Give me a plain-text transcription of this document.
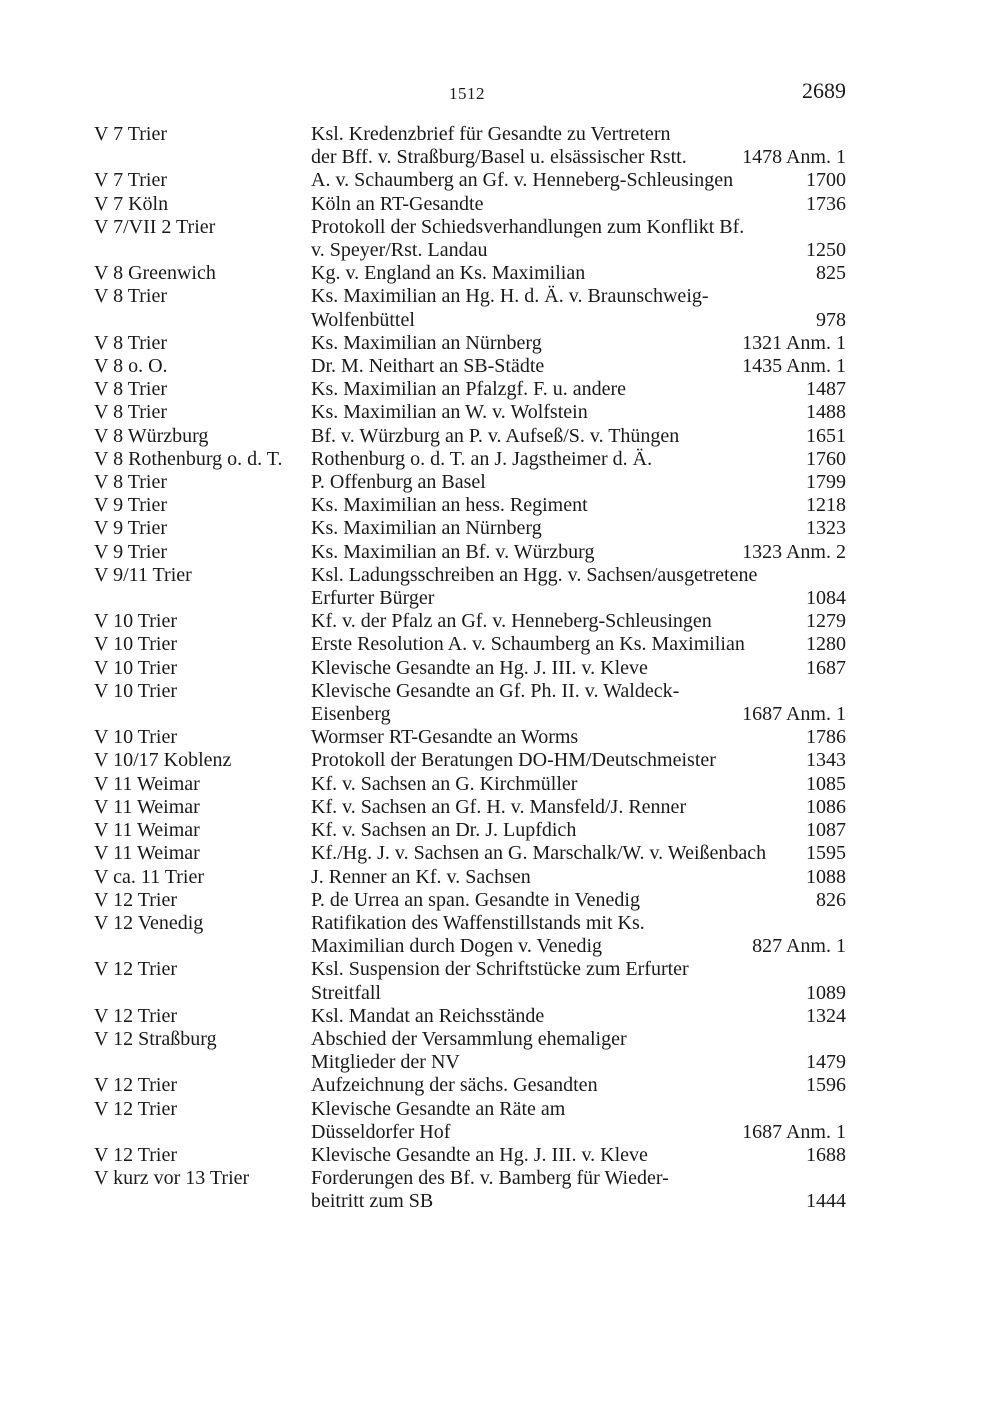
1512	2689
V 7 Trier	Ksl. Kredenzbrief für Gesandte zu Vertretern
der Bff. v. Straßburg/Basel u. elsässischer Rstt.	1478 Anm. 1
V 7 Trier	A. v. Schaumberg an Gf. v. Henneberg-Schleusingen	1700
V 7 Köln	Köln an RT-Gesandte	1736
V 7/VII 2 Trier	Protokoll der Schiedsverhandlungen zum Konflikt Bf.
v. Speyer/Rst. Landau	1250
V 8 Greenwich	Kg. v. England an Ks. Maximilian	825
V 8 Trier	Ks. Maximilian an Hg. H. d. Ä. v. Braunschweig-
Wolfenbüttel	978
V 8 Trier	Ks. Maximilian an Nürnberg	1321 Anm. 1
V 8 o. O.	Dr. M. Neithart an SB-Städte	1435 Anm. 1
V 8 Trier	Ks. Maximilian an Pfalzgf. F. u. andere	1487
V 8 Trier	Ks. Maximilian an W. v. Wolfstein	1488
V 8 Würzburg	Bf. v. Würzburg an P. v. Aufseß/S. v. Thüngen	1651
V 8 Rothenburg o. d. T.	Rothenburg o. d. T. an J. Jagstheimer d. Ä.	1760
V 8 Trier	P. Offenburg an Basel	1799
V 9 Trier	Ks. Maximilian an hess. Regiment	1218
V 9 Trier	Ks. Maximilian an Nürnberg	1323
V 9 Trier	Ks. Maximilian an Bf. v. Würzburg	1323 Anm. 2
V 9/11 Trier	Ksl. Ladungsschreiben an Hgg. v. Sachsen/ausgetretene
Erfurter Bürger	1084
V 10 Trier	Kf. v. der Pfalz an Gf. v. Henneberg-Schleusingen	1279
V 10 Trier	Erste Resolution A. v. Schaumberg an Ks. Maximilian	1280
V 10 Trier	Klevische Gesandte an Hg. J. III. v. Kleve	1687
V 10 Trier	Klevische Gesandte an Gf. Ph. II. v. Waldeck-
Eisenberg	1687 Anm. 1
V 10 Trier	Wormser RT-Gesandte an Worms	1786
V 10/17 Koblenz	Protokoll der Beratungen DO-HM/Deutschmeister	1343
V 11 Weimar	Kf. v. Sachsen an G. Kirchmüller	1085
V 11 Weimar	Kf. v. Sachsen an Gf. H. v. Mansfeld/J. Renner	1086
V 11 Weimar	Kf. v. Sachsen an Dr. J. Lupfdich	1087
V 11 Weimar	Kf./Hg. J. v. Sachsen an G. Marschalk/W. v. Weißenbach	1595
V ca. 11 Trier	J. Renner an Kf. v. Sachsen	1088
V 12 Trier	P. de Urrea an span. Gesandte in Venedig	826
V 12 Venedig	Ratifikation des Waffenstillstands mit Ks.
Maximilian durch Dogen v. Venedig	827 Anm. 1
V 12 Trier	Ksl. Suspension der Schriftstücke zum Erfurter
Streitfall	1089
V 12 Trier	Ksl. Mandat an Reichsstände	1324
V 12 Straßburg	Abschied der Versammlung ehemaliger
Mitglieder der NV	1479
V 12 Trier	Aufzeichnung der sächs. Gesandten	1596
V 12 Trier	Klevische Gesandte an Räte am
Düsseldorfer Hof	1687 Anm. 1
V 12 Trier	Klevische Gesandte an Hg. J. III. v. Kleve	1688
V kurz vor 13 Trier	Forderungen des Bf. v. Bamberg für Wieder-
beitritt zum SB	1444
